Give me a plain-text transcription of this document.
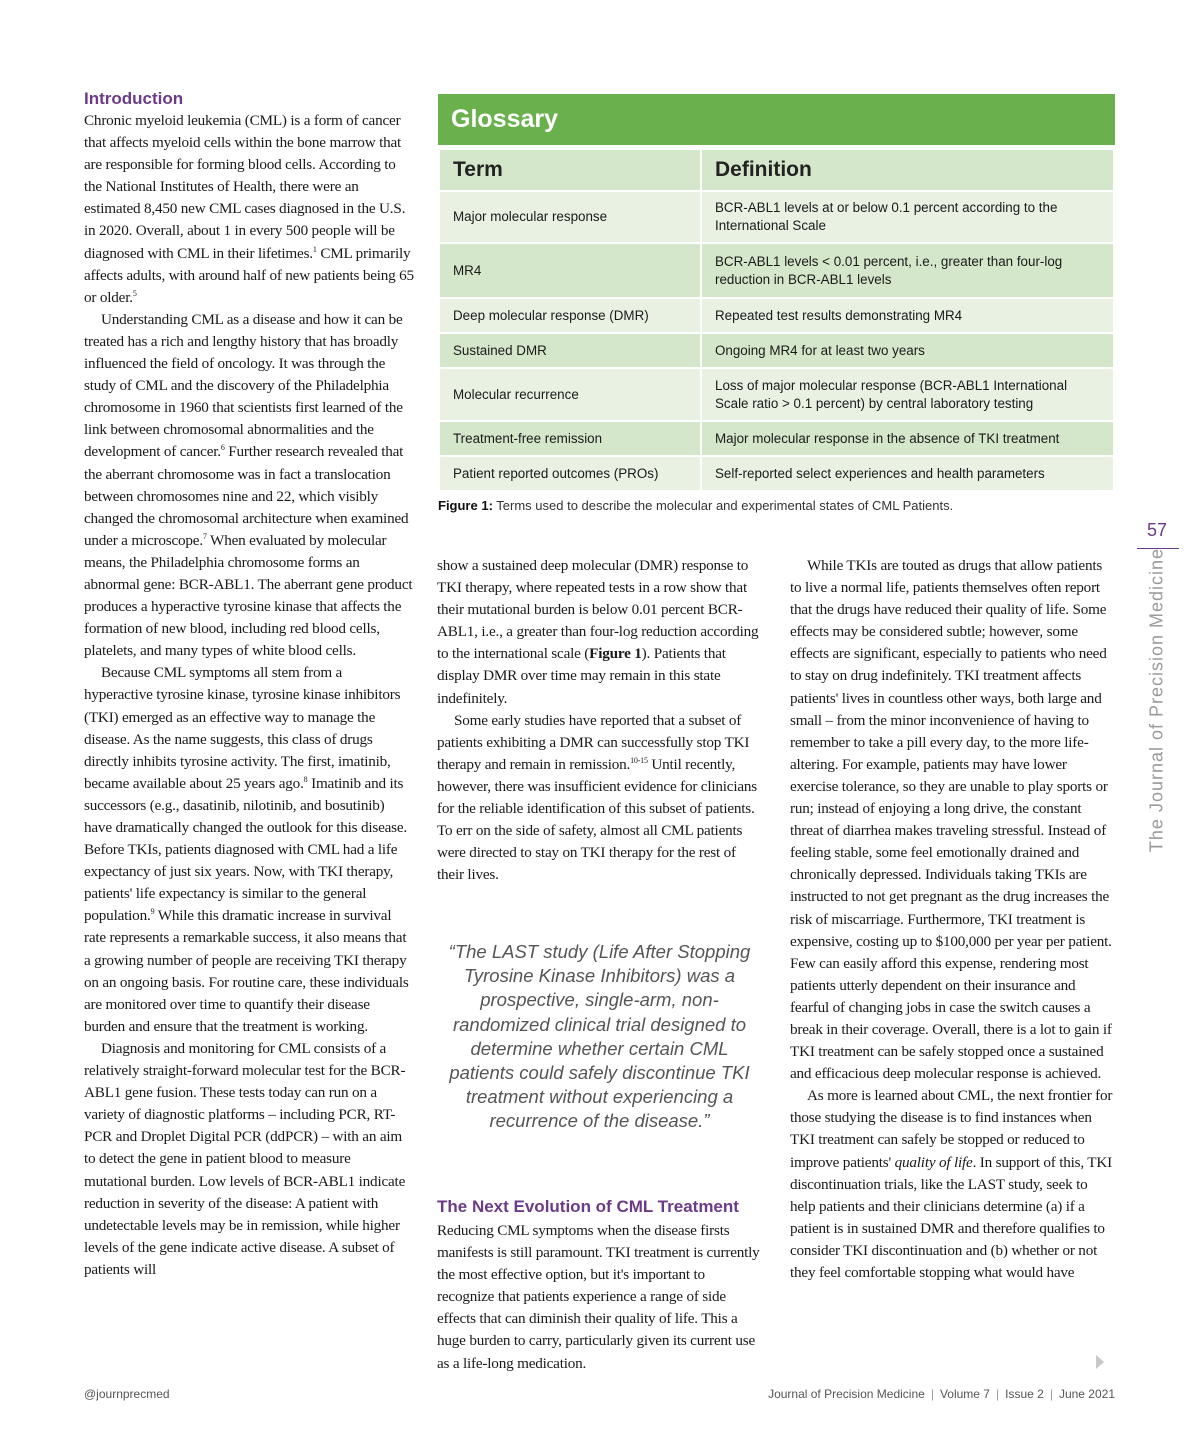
Introduction

Chronic myeloid leukemia (CML) is a form of cancer that affects myeloid cells within the bone marrow that are responsible for forming blood cells. According to the National Institutes of Health, there were an estimated 8,450 new CML cases diagnosed in the U.S. in 2020. Overall, about 1 in every 500 people will be diagnosed with CML in their lifetimes.$^1$ CML primarily affects adults, with around half of new patients being 65 or older.$^5$

Understanding CML as a disease and how it can be treated has a rich and lengthy history that has broadly influenced the field of oncology. It was through the study of CML and the discovery of the Philadelphia chromosome in 1960 that scientists first learned of the link between chromosomal abnormalities and the development of cancer.$^6$ Further research revealed that the aberrant chromosome was in fact a translocation between chromosomes nine and 22, which visibly changed the chromosomal architecture when examined under a microscope.$^7$ When evaluated by molecular means, the Philadelphia chromosome forms an abnormal gene: BCR-ABL1. The aberrant gene product produces a hyperactive tyrosine kinase that affects the formation of new blood, including red blood cells, platelets, and many types of white blood cells.

Because CML symptoms all stem from a hyperactive tyrosine kinase, tyrosine kinase inhibitors (TKI) emerged as an effective way to manage the disease. As the name suggests, this class of drugs directly inhibits tyrosine activity. The first, imatinib, became available about 25 years ago.$^8$ Imatinib and its successors (e.g., dasatinib, nilotinib, and bosutinib) have dramatically changed the outlook for this disease. Before TKIs, patients diagnosed with CML had a life expectancy of just six years. Now, with TKI therapy, patients' life expectancy is similar to the general population.$^9$ While this dramatic increase in survival rate represents a remarkable success, it also means that a growing number of people are receiving TKI therapy on an ongoing basis. For routine care, these individuals are monitored over time to quantify their disease burden and ensure that the treatment is working.

Diagnosis and monitoring for CML consists of a relatively straight-forward molecular test for the BCR-ABL1 gene fusion. These tests today can run on a variety of diagnostic platforms – including PCR, RT-PCR and Droplet Digital PCR (ddPCR) – with an aim to detect the gene in patient blood to measure mutational burden. Low levels of BCR-ABL1 indicate reduction in severity of the disease: A patient with undetectable levels may be in remission, while higher levels of the gene indicate active disease. A subset of patients will

Glossary
Term	Definition
Major molecular response	BCR-ABL1 levels at or below 0.1 percent according to the International Scale
MR4	BCR-ABL1 levels < 0.01 percent, i.e., greater than four-log reduction in BCR-ABL1 levels
Deep molecular response (DMR)	Repeated test results demonstrating MR4
Sustained DMR	Ongoing MR4 for at least two years
Molecular recurrence	Loss of major molecular response (BCR-ABL1 International Scale ratio > 0.1 percent) by central laboratory testing
Treatment-free remission	Major molecular response in the absence of TKI treatment
Patient reported outcomes (PROs)	Self-reported select experiences and health parameters
Figure 1: Terms used to describe the molecular and experimental states of CML Patients.

show a sustained deep molecular (DMR) response to TKI therapy, where repeated tests in a row show that their mutational burden is below 0.01 percent BCR-ABL1, i.e., a greater than four-log reduction according to the international scale (Figure 1). Patients that display DMR over time may remain in this state indefinitely.

Some early studies have reported that a subset of patients exhibiting a DMR can successfully stop TKI therapy and remain in remission.$^{10-15}$ Until recently, however, there was insufficient evidence for clinicians for the reliable identification of this subset of patients. To err on the side of safety, almost all CML patients were directed to stay on TKI therapy for the rest of their lives.

“The LAST study (Life After Stopping Tyrosine Kinase Inhibitors) was a prospective, single-arm, non-randomized clinical trial designed to determine whether certain CML patients could safely discontinue TKI treatment without experiencing a recurrence of the disease.”
The Next Evolution of CML Treatment

Reducing CML symptoms when the disease firsts manifests is still paramount. TKI treatment is currently the most effective option, but it's important to recognize that patients experience a range of side effects that can diminish their quality of life. This a huge burden to carry, particularly given its current use as a life-long medication.

While TKIs are touted as drugs that allow patients to live a normal life, patients themselves often report that the drugs have reduced their quality of life. Some effects may be considered subtle; however, some effects are significant, especially to patients who need to stay on drug indefinitely. TKI treatment affects patients' lives in countless other ways, both large and small – from the minor inconvenience of having to remember to take a pill every day, to the more life-altering. For example, patients may have lower exercise tolerance, so they are unable to play sports or run; instead of enjoying a long drive, the constant threat of diarrhea makes traveling stressful. Instead of feeling stable, some feel emotionally drained and chronically depressed. Individuals taking TKIs are instructed to not get pregnant as the drug increases the risk of miscarriage. Furthermore, TKI treatment is expensive, costing up to $100,000 per year per patient. Few can easily afford this expense, rendering most patients utterly dependent on their insurance and fearful of changing jobs in case the switch causes a break in their coverage. Overall, there is a lot to gain if TKI treatment can be safely stopped once a sustained and efficacious deep molecular response is achieved.

As more is learned about CML, the next frontier for those studying the disease is to find instances when TKI treatment can safely be stopped or reduced to improve patients' quality of life. In support of this, TKI discontinuation trials, like the LAST study, seek to help patients and their clinicians determine (a) if a patient is in sustained DMR and therefore qualifies to consider TKI discontinuation and (b) whether or not they feel comfortable stopping what would have

57
The Journal of Precision Medicine
@journprecmed	Journal of Precision Medicine | Volume 7 | Issue 2 | June 2021
